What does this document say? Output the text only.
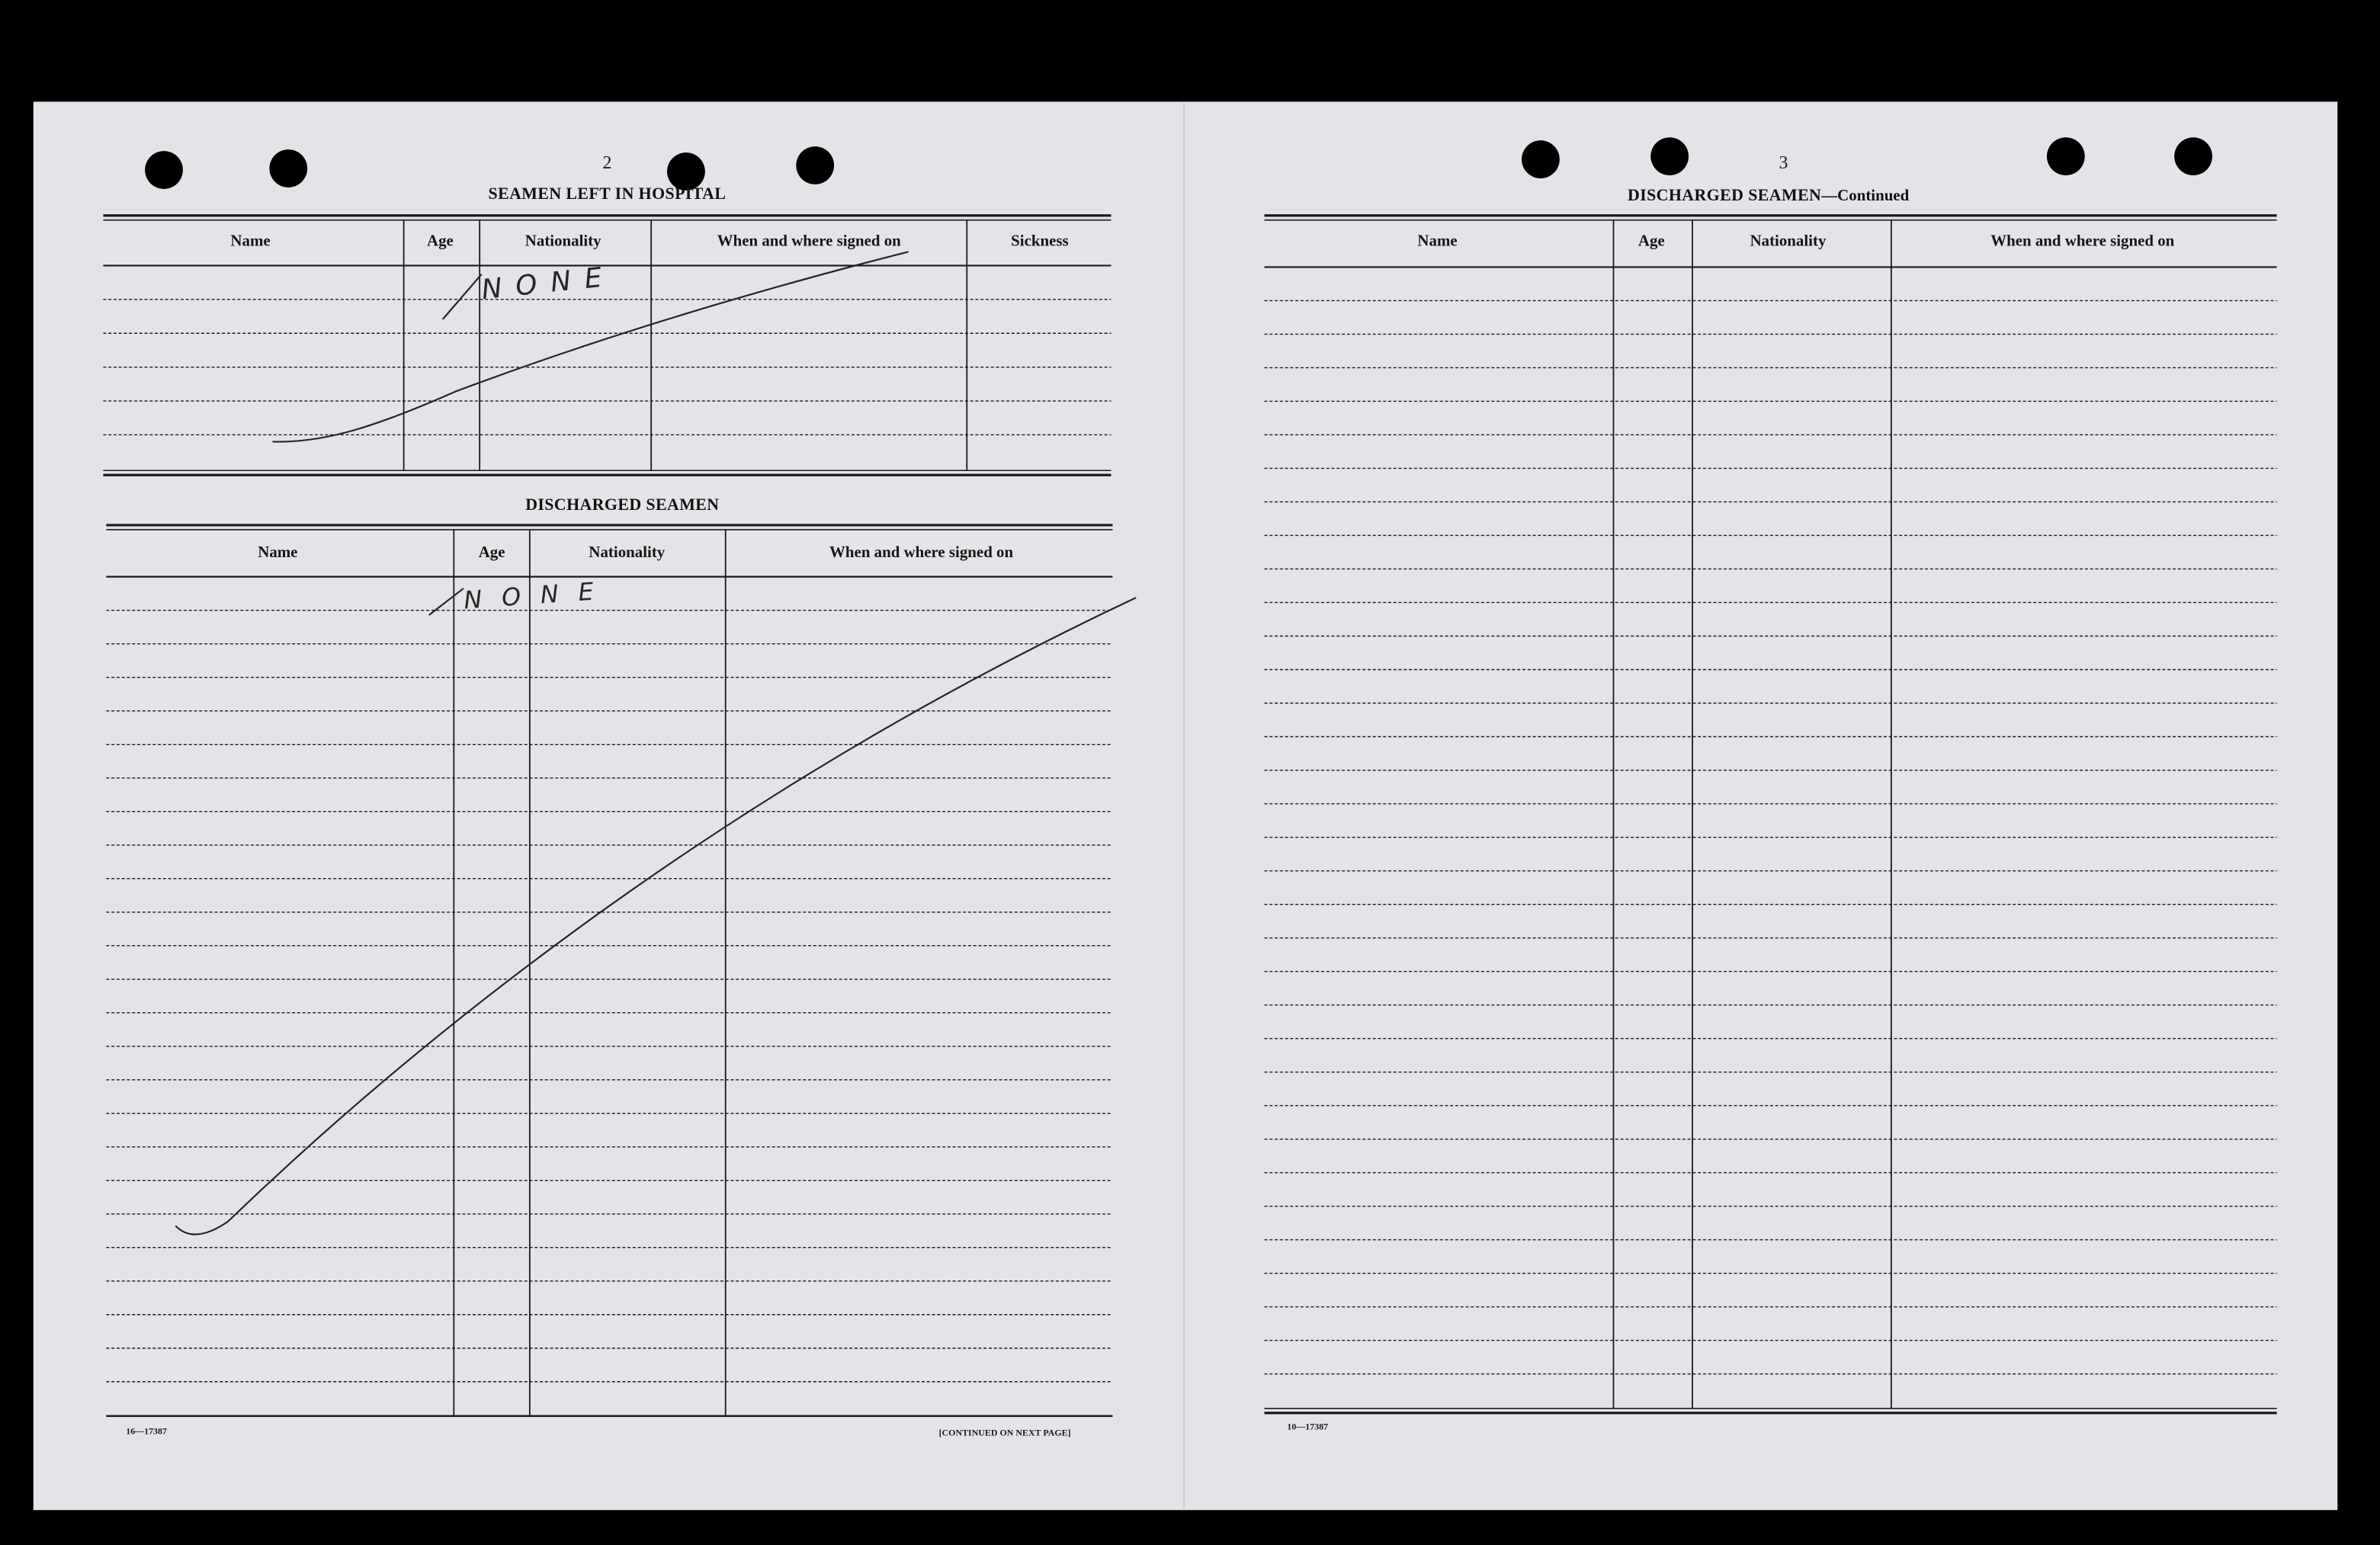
2
SEAMEN LEFT IN HOSPITAL
Name	Age	Nationality	When and where signed on	Sickness
NONE
DISCHARGED SEAMEN
Name	Age	Nationality	When and where signed on
NONE
16—17387	[CONTINUED ON NEXT PAGE]
3
DISCHARGED SEAMEN—Continued
Name	Age	Nationality	When and where signed on
10—17387
